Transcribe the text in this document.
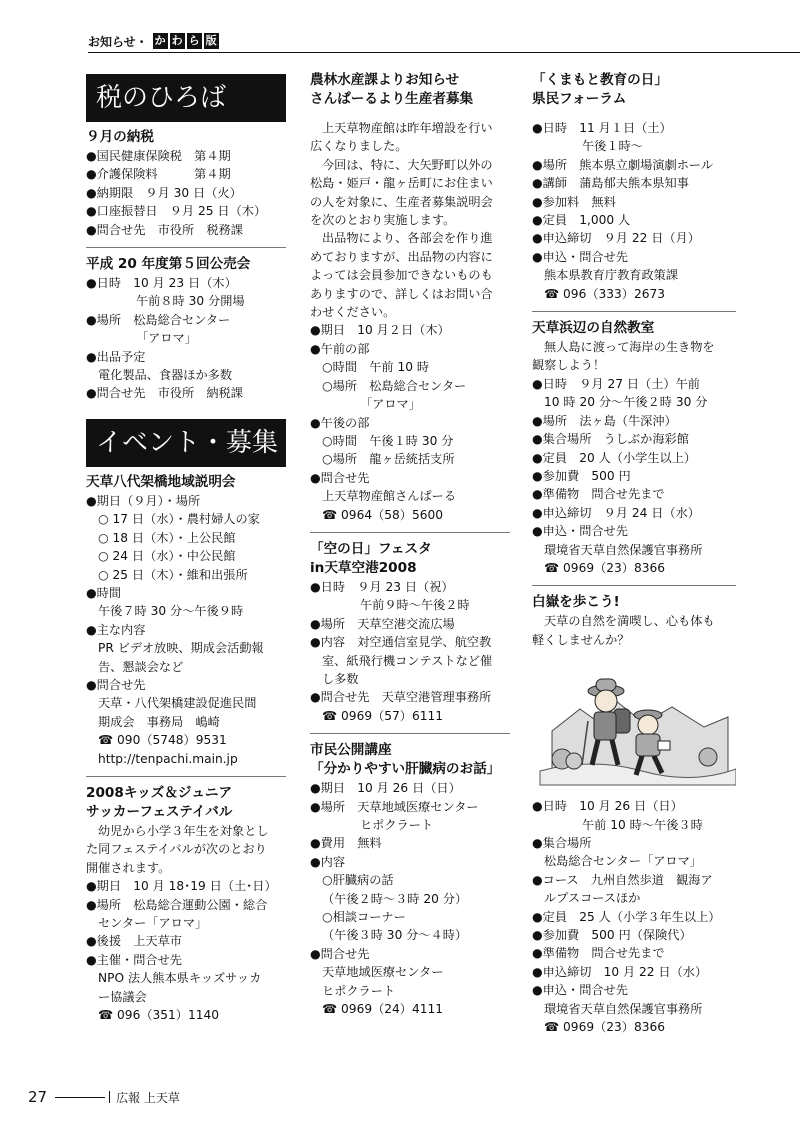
お知らせ・ か わ ら 版
税のひろば
９月の納税
●国民健康保険税　第４期
●介護保険料　　　第４期
●納期限　９月 30 日（火）
●口座振替日　９月 25 日（木）
●問合せ先　市役所　税務課
平成 20 年度第５回公売会
●日時　10 月 23 日（木）
午前８時 30 分開場
●場所　松島総合センター
「アロマ」
●出品予定
電化製品、食器ほか多数
●問合せ先　市役所　納税課
イベント・募集
天草八代架橋地域説明会
●期日（９月）・場所
○ 17 日（水）・農村婦人の家
○ 18 日（木）・上公民館
○ 24 日（水）・中公民館
○ 25 日（木）・維和出張所
●時間
午後７時 30 分～午後９時
●主な内容
PR ビデオ放映、期成会活動報
告、懇談会など
●問合せ先
天草・八代架橋建設促進民間
期成会　事務局　嶋崎
☎ 090（5748）9531
http://tenpachi.main.jp
2008キッズ＆ジュニア
サッカーフェステイバル
幼児から小学３年生を対象とし
た同フェステイバルが次のとおり
開催されます。
●期日　10 月 18･19 日（土･日）
●場所　松島総合運動公園・総合
センター「アロマ」
●後援　上天草市
●主催・問合せ先
NPO 法人熊本県キッズサッカ
ー協議会
☎ 096（351）1140
農林水産課よりお知らせ
さんぱーるより生産者募集
上天草物産館は昨年増設を行い
広くなりました。
今回は、特に、大矢野町以外の
松島・姫戸・龍ヶ岳町にお住まい
の人を対象に、生産者募集説明会
を次のとおり実施します。
出品物により、各部会を作り進
めておりますが、出品物の内容に
よっては会員参加できないものも
ありますので、詳しくはお問い合
わせください。
●期日　10 月２日（木）
●午前の部
○時間　午前 10 時
○場所　松島総合センター
「アロマ」
●午後の部
○時間　午後１時 30 分
○場所　龍ヶ岳統括支所
●問合せ先
上天草物産館さんぱーる
☎ 0964（58）5600
「空の日」フェスタ
in天草空港2008
●日時　９月 23 日（祝）
午前９時～午後２時
●場所　天草空港交流広場
●内容　対空通信室見学、航空教
室、紙飛行機コンテストなど催
し多数
●問合せ先　天草空港管理事務所
☎ 0969（57）6111
市民公開講座
「分かりやすい肝臓病のお話」
●期日　10 月 26 日（日）
●場所　天草地域医療センター
ヒポクラート
●費用　無料
●内容
○肝臓病の話
（午後２時～３時 20 分）
○相談コーナー
（午後３時 30 分～４時）
●問合せ先
天草地域医療センター
ヒポクラート
☎ 0969（24）4111
「くまもと教育の日」
県民フォーラム
●日時　11 月１日（土）
午後１時～
●場所　熊本県立劇場演劇ホール
●講師　蒲島郁夫熊本県知事
●参加料　無料
●定員　1,000 人
●申込締切　９月 22 日（月）
●申込・問合せ先
熊本県教育庁教育政策課
☎ 096（333）2673
天草浜辺の自然教室
無人島に渡って海岸の生き物を
観察しよう！
●日時　９月 27 日（土）午前
10 時 20 分～午後２時 30 分
●場所　法ヶ島（牛深沖）
●集合場所　うしぶか海彩館
●定員　20 人（小学生以上）
●参加費　500 円
●準備物　問合せ先まで
●申込締切　９月 24 日（水）
●申込・問合せ先
環境省天草自然保護官事務所
☎ 0969（23）8366
白嶽を歩こう!
天草の自然を満喫し、心も体も
軽くしませんか？
●日時　10 月 26 日（日）
午前 10 時～午後３時
●集合場所
松島総合センター「アロマ」
●コース　九州自然歩道　観海ア
ルプスコースほか
●定員　25 人（小学３年生以上）
●参加費　500 円（保険代）
●準備物　問合せ先まで
●申込締切　10 月 22 日（水）
●申込・問合せ先
環境省天草自然保護官事務所
☎ 0969（23）8366
27	広報 上天草
